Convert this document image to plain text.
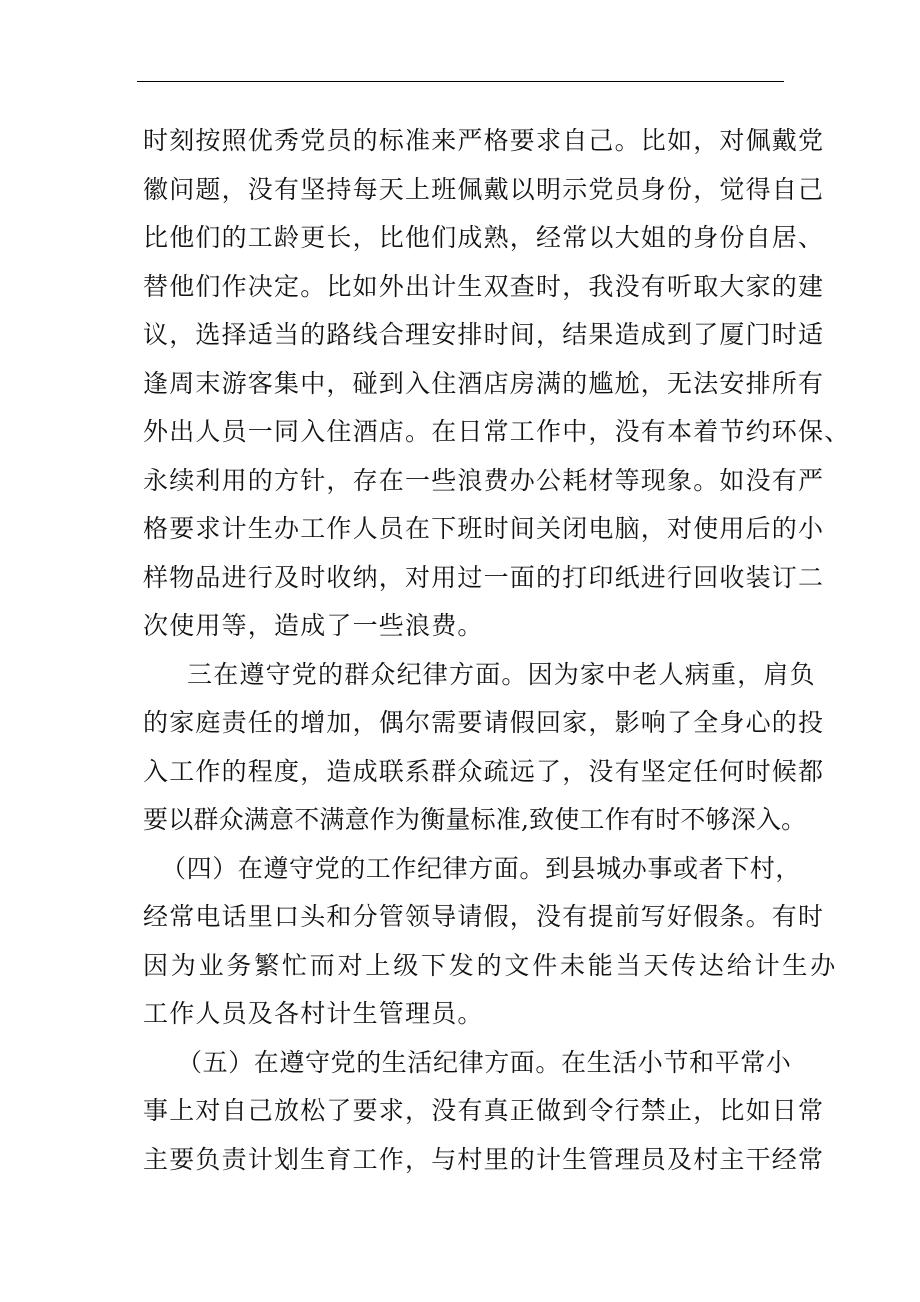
时刻按照优秀党员的标准来严格要求自己。比如，对佩戴党
徽问题，没有坚持每天上班佩戴以明示党员身份，觉得自己
比他们的工龄更长，比他们成熟，经常以大姐的身份自居、
替他们作决定。比如外出计生双查时，我没有听取大家的建
议，选择适当的路线合理安排时间，结果造成到了厦门时适
逢周末游客集中，碰到入住酒店房满的尴尬，无法安排所有
外出人员一同入住酒店。在日常工作中，没有本着节约环保、
永续利用的方针，存在一些浪费办公耗材等现象。如没有严
格要求计生办工作人员在下班时间关闭电脑，对使用后的小
样物品进行及时收纳，对用过一面的打印纸进行回收装订二
次使用等，造成了一些浪费。
三在遵守党的群众纪律方面。因为家中老人病重，肩负
的家庭责任的增加，偶尔需要请假回家，影响了全身心的投
入工作的程度，造成联系群众疏远了，没有坚定任何时候都
要以群众满意不满意作为衡量标准,致使工作有时不够深入。
（四）在遵守党的工作纪律方面。到县城办事或者下村，
经常电话里口头和分管领导请假，没有提前写好假条。有时
因为业务繁忙而对上级下发的文件未能当天传达给计生办
工作人员及各村计生管理员。
（五）在遵守党的生活纪律方面。在生活小节和平常小
事上对自己放松了要求，没有真正做到令行禁止，比如日常
主要负责计划生育工作，与村里的计生管理员及村主干经常
